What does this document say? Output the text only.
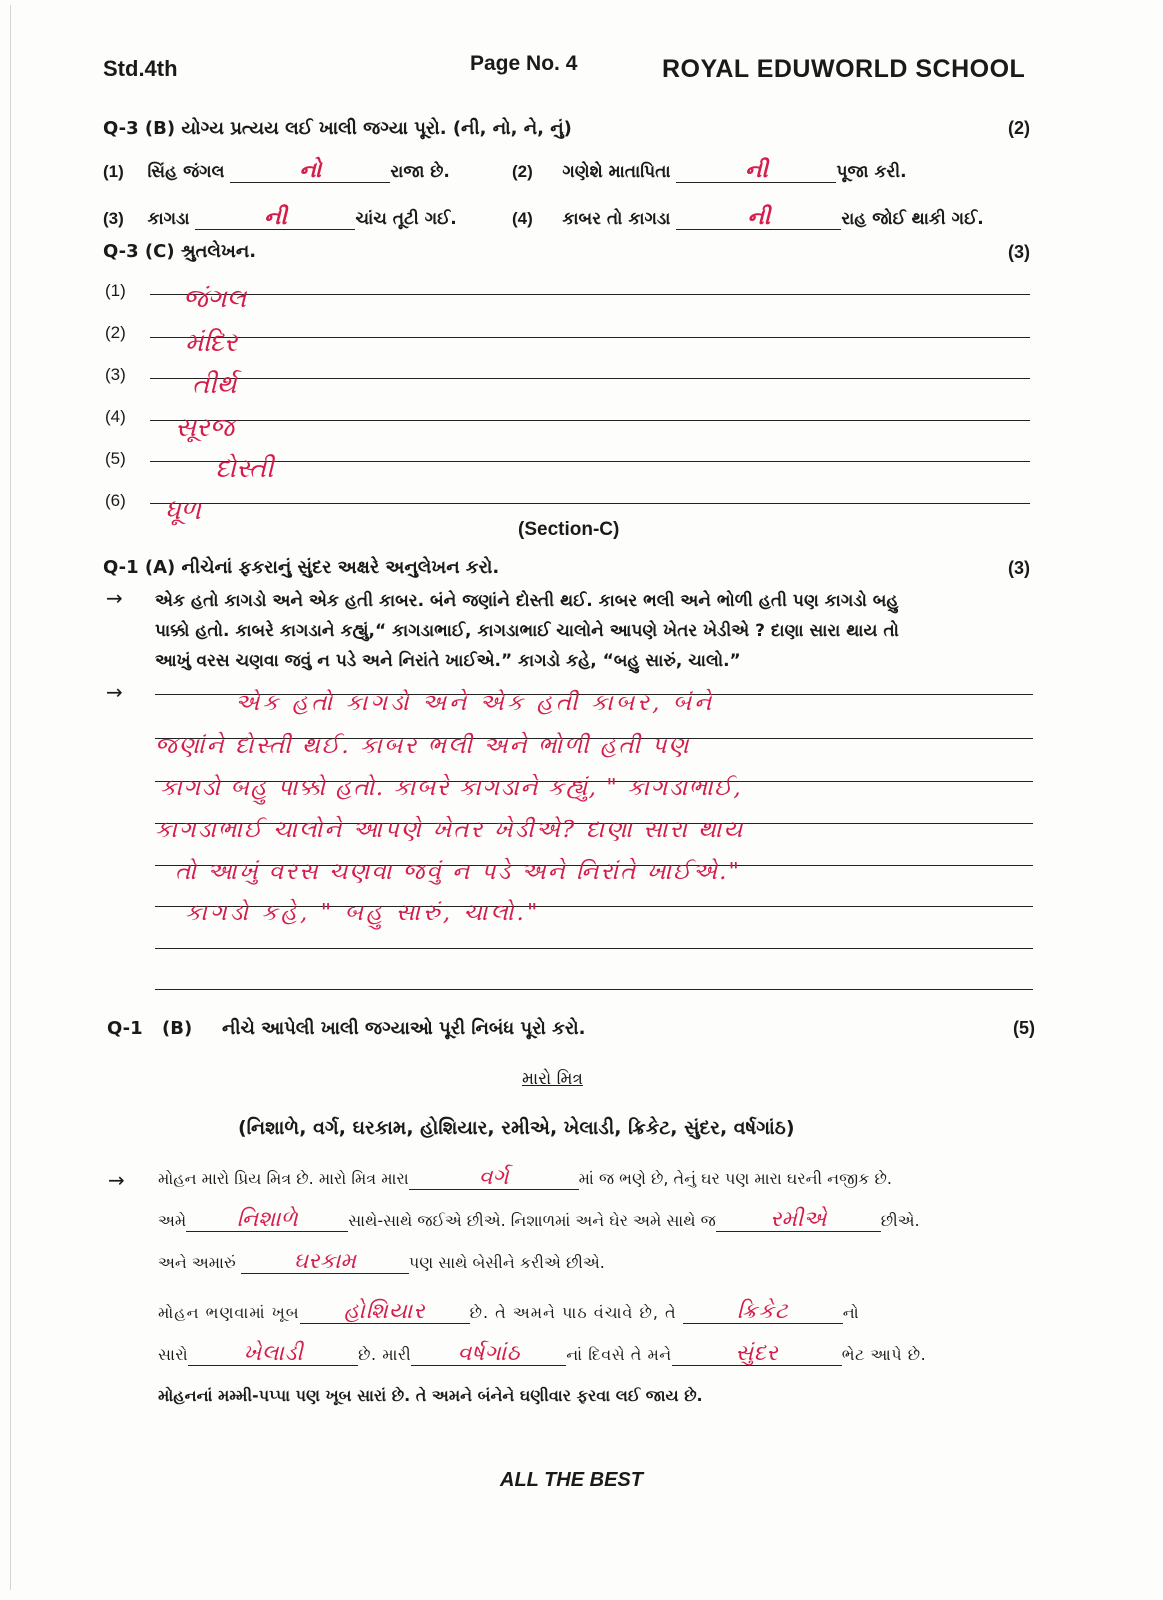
Std.4th	Page No. 4	ROYAL EDUWORLD SCHOOL
Q-3 (B) યોગ્ય પ્રત્યય લઈ ખાલી જગ્યા પૂરો. (ની, નો, ને, નું)	(2)
(1) સિંહ જંગલ	નો	રાજા છે.	(2) ગણેશે માતાપિતા	ની	પૂજા કરી.
(3) કાગડા	ની	ચાંચ તૂટી ગઈ.	(4) કાબર તો કાગડા	ની	રાહ જોઈ થાકી ગઈ.
Q-3 (C) શ્રુતલેખન.	(3)
(1) જંગલ
(2) મંદિર
(3)	તીર્થ
(4) સૂરજ
(5)	દોસ્તી
(6) ધૂળ
(Section-C)
Q-1 (A) નીચેનાં ફકરાનું સુંદર અક્ષરે અનુલેખન કરો.	(3)
→ એક હતો કાગડો અને એક હતી કાબર. બંને જણાંને દોસ્તી થઈ. કાબર ભલી અને ભોળી હતી પણ કાગડો બહુ
પાક્કો હતો. કાબરે કાગડાને કહ્યું,“ કાગડાભાઈ, કાગડાભાઈ ચાલોને આપણે ખેતર ખેડીએ ? દાણા સારા થાય તો
આખું વરસ ચણવા જવું ન પડે અને નિરાંતે ખાઈએ.” કાગડો કહે, “બહુ સારું, ચાલો.”
→	એક હતો કાગડો અને એક હતી કાબર, બંને
જણાંને દોસ્તી થઈ. કાબર ભલી અને ભોળી હતી પણ
કાગડો બહુ પાક્કો હતો. કાબરે કાગડાને કહ્યું, " કાગડાભાઈ,
કાગડાભાઈ ચાલોને આપણે ખેતર ખેડીએ? દાણા સારા થાય
તો આખું વરસ ચણવા જવું ન પડે અને નિરાંતે ખાઈએ."
કાગડો કહે, " બહુ સારું, ચાલો."
Q-1 (B) નીચે આપેલી ખાલી જગ્યાઓ પૂરી નિબંધ પૂરો કરો.	(5)
મારો મિત્ર
(નિશાળે, વર્ગ, ઘરકામ, હોશિયાર, રમીએ, ખેલાડી, ક્રિકેટ, સુંદર, વર્ષગાંઠ)
→ મોહન મારો પ્રિય મિત્ર છે. મારો મિત્ર મારા	વર્ગ	માં જ ભણે છે, તેનું ઘર પણ મારા ઘરની નજીક છે.
અમે નિશાળે	સાથે-સાથે જઈએ છીએ. નિશાળમાં અને ઘેર અમે સાથે જ રમીએ	છીએ.
અને અમારું	ઘરકામ	પણ સાથે બેસીને કરીએ છીએ.
મોહન ભણવામાં ખૂબ હોશિયાર	છે. તે અમને પાઠ વંચાવે છે, તે	ક્રિકેટ	નો
સારો	ખેલાડી	છે. મારી વર્ષગાંઠ	નાં દિવસે તે મને	સુંદર	ભેટ આપે છે.
મોહનનાં મમ્મી-પપ્પા પણ ખૂબ સારાં છે. તે અમને બંનેને ઘણીવાર ફરવા લઈ જાય છે.
ALL THE BEST
